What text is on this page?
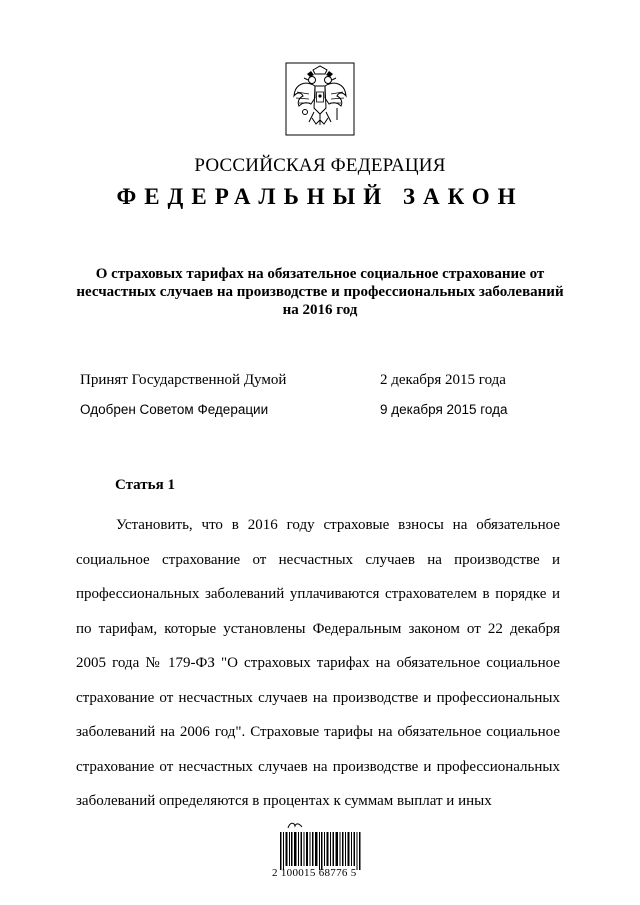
РОССИЙСКАЯ ФЕДЕРАЦИЯ
ФЕДЕРАЛЬНЫЙ ЗАКОН
О страховых тарифах на обязательное социальное страхование от несчастных случаев на производстве и профессиональных заболеваний на 2016 год
Принят Государственной Думой	2 декабря 2015 года
Одобрен Советом Федерации	9 декабря 2015 года
Статья 1

Установить, что в 2016 году страховые взносы на обязательное социальное страхование от несчастных случаев на производстве и профессиональных заболеваний уплачиваются страхователем в порядке и по тарифам, которые установлены Федеральным законом от 22 декабря 2005 года № 179-ФЗ "О страховых тарифах на обязательное социальное страхование от несчастных случаев на производстве и профессиональных заболеваний на 2006 год". Страховые тарифы на обязательное социальное страхование от несчастных случаев на производстве и профессиональных заболеваний определяются в процентах к суммам выплат и иных

2 100015 68776 5
